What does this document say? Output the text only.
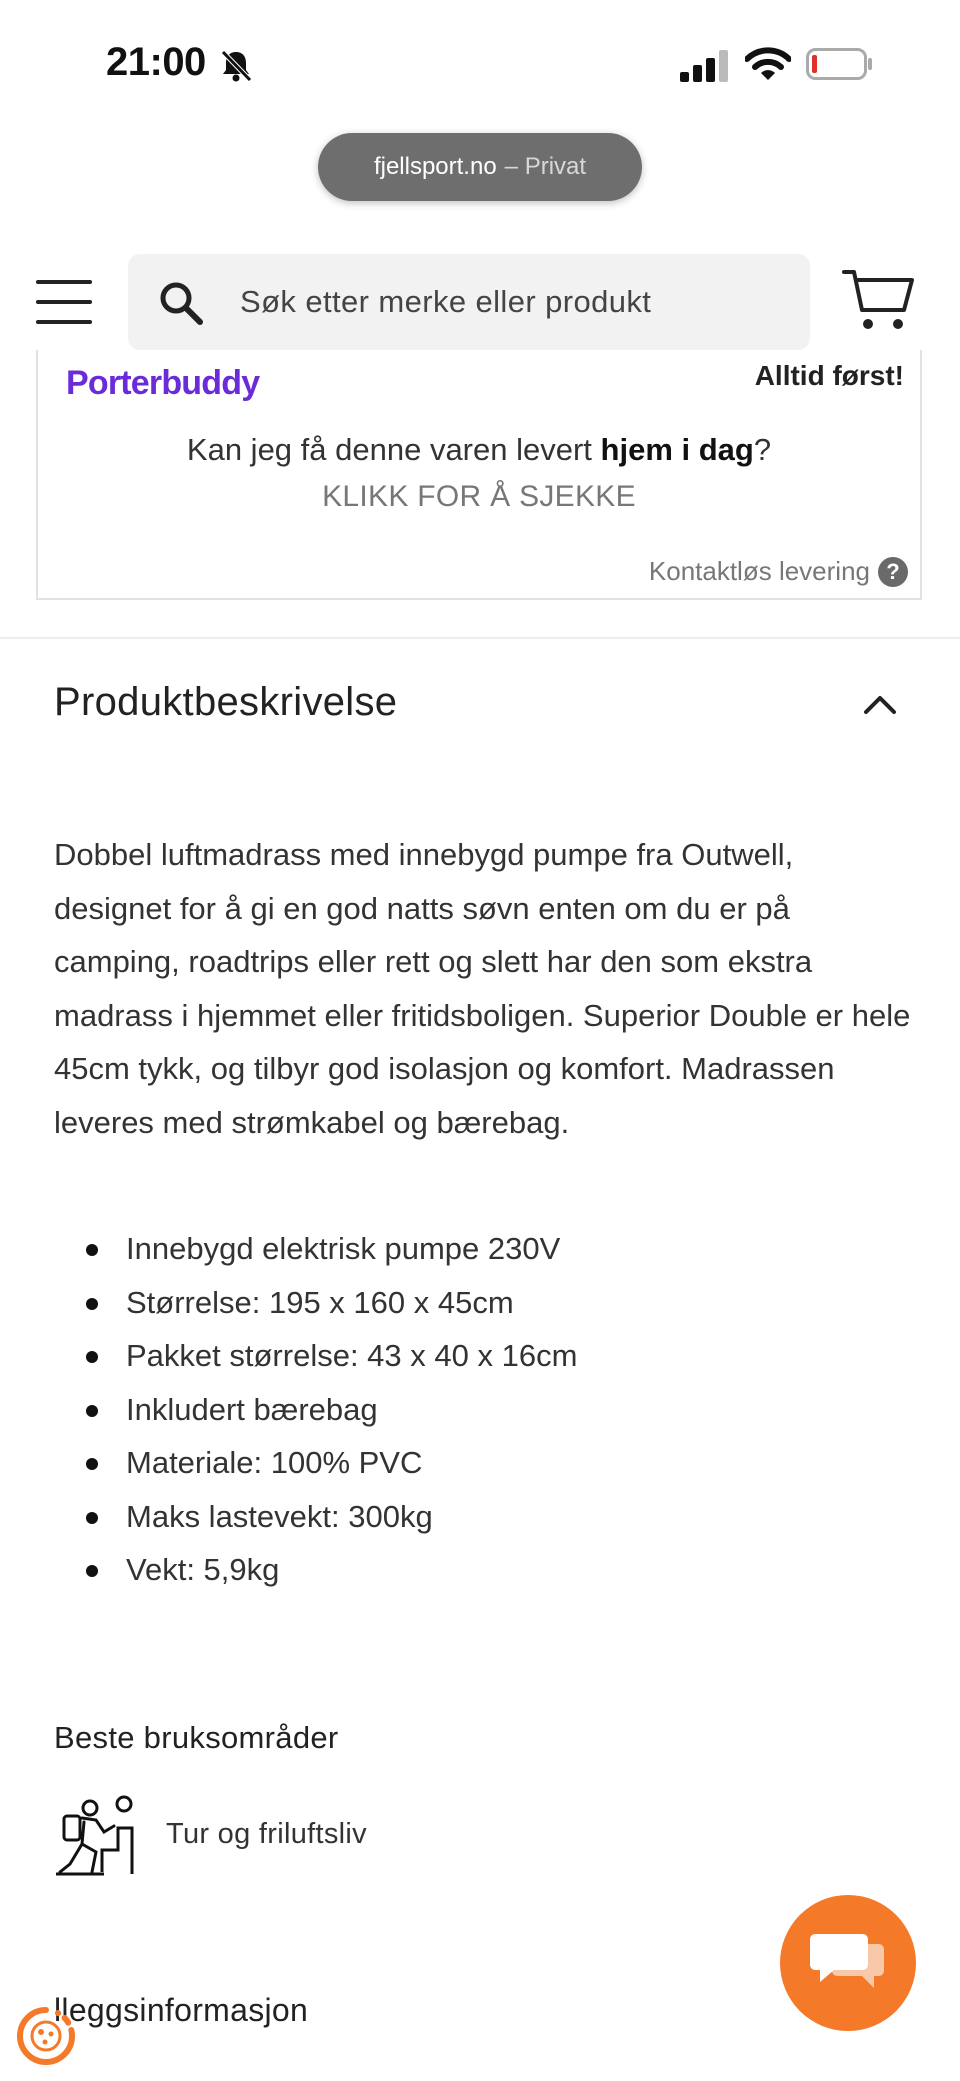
21:00
fjellsport.no – Privat
Søk etter merke eller produkt
Porterbuddy	Alltid først!
Kan jeg få denne varen levert hjem i dag?
KLIKK FOR Å SJEKKE
Kontaktløs levering ?
Produktbeskrivelse

Dobbel luftmadrass med innebygd pumpe fra Outwell, designet for å gi en god natts søvn enten om du er på camping, roadtrips eller rett og slett har den som ekstra madrass i hjemmet eller fritidsboligen. Superior Double er hele 45cm tykk, og tilbyr god isolasjon og komfort. Madrassen leveres med strømkabel og bærebag.

Innebygd elektrisk pumpe 230V
Størrelse: 195 x 160 x 45cm
Pakket størrelse: 43 x 40 x 16cm
Inkludert bærebag
Materiale: 100% PVC
Maks lastevekt: 300kg
Vekt: 5,9kg
Beste bruksområder
Tur og friluftsliv
lleggsinformasjon
